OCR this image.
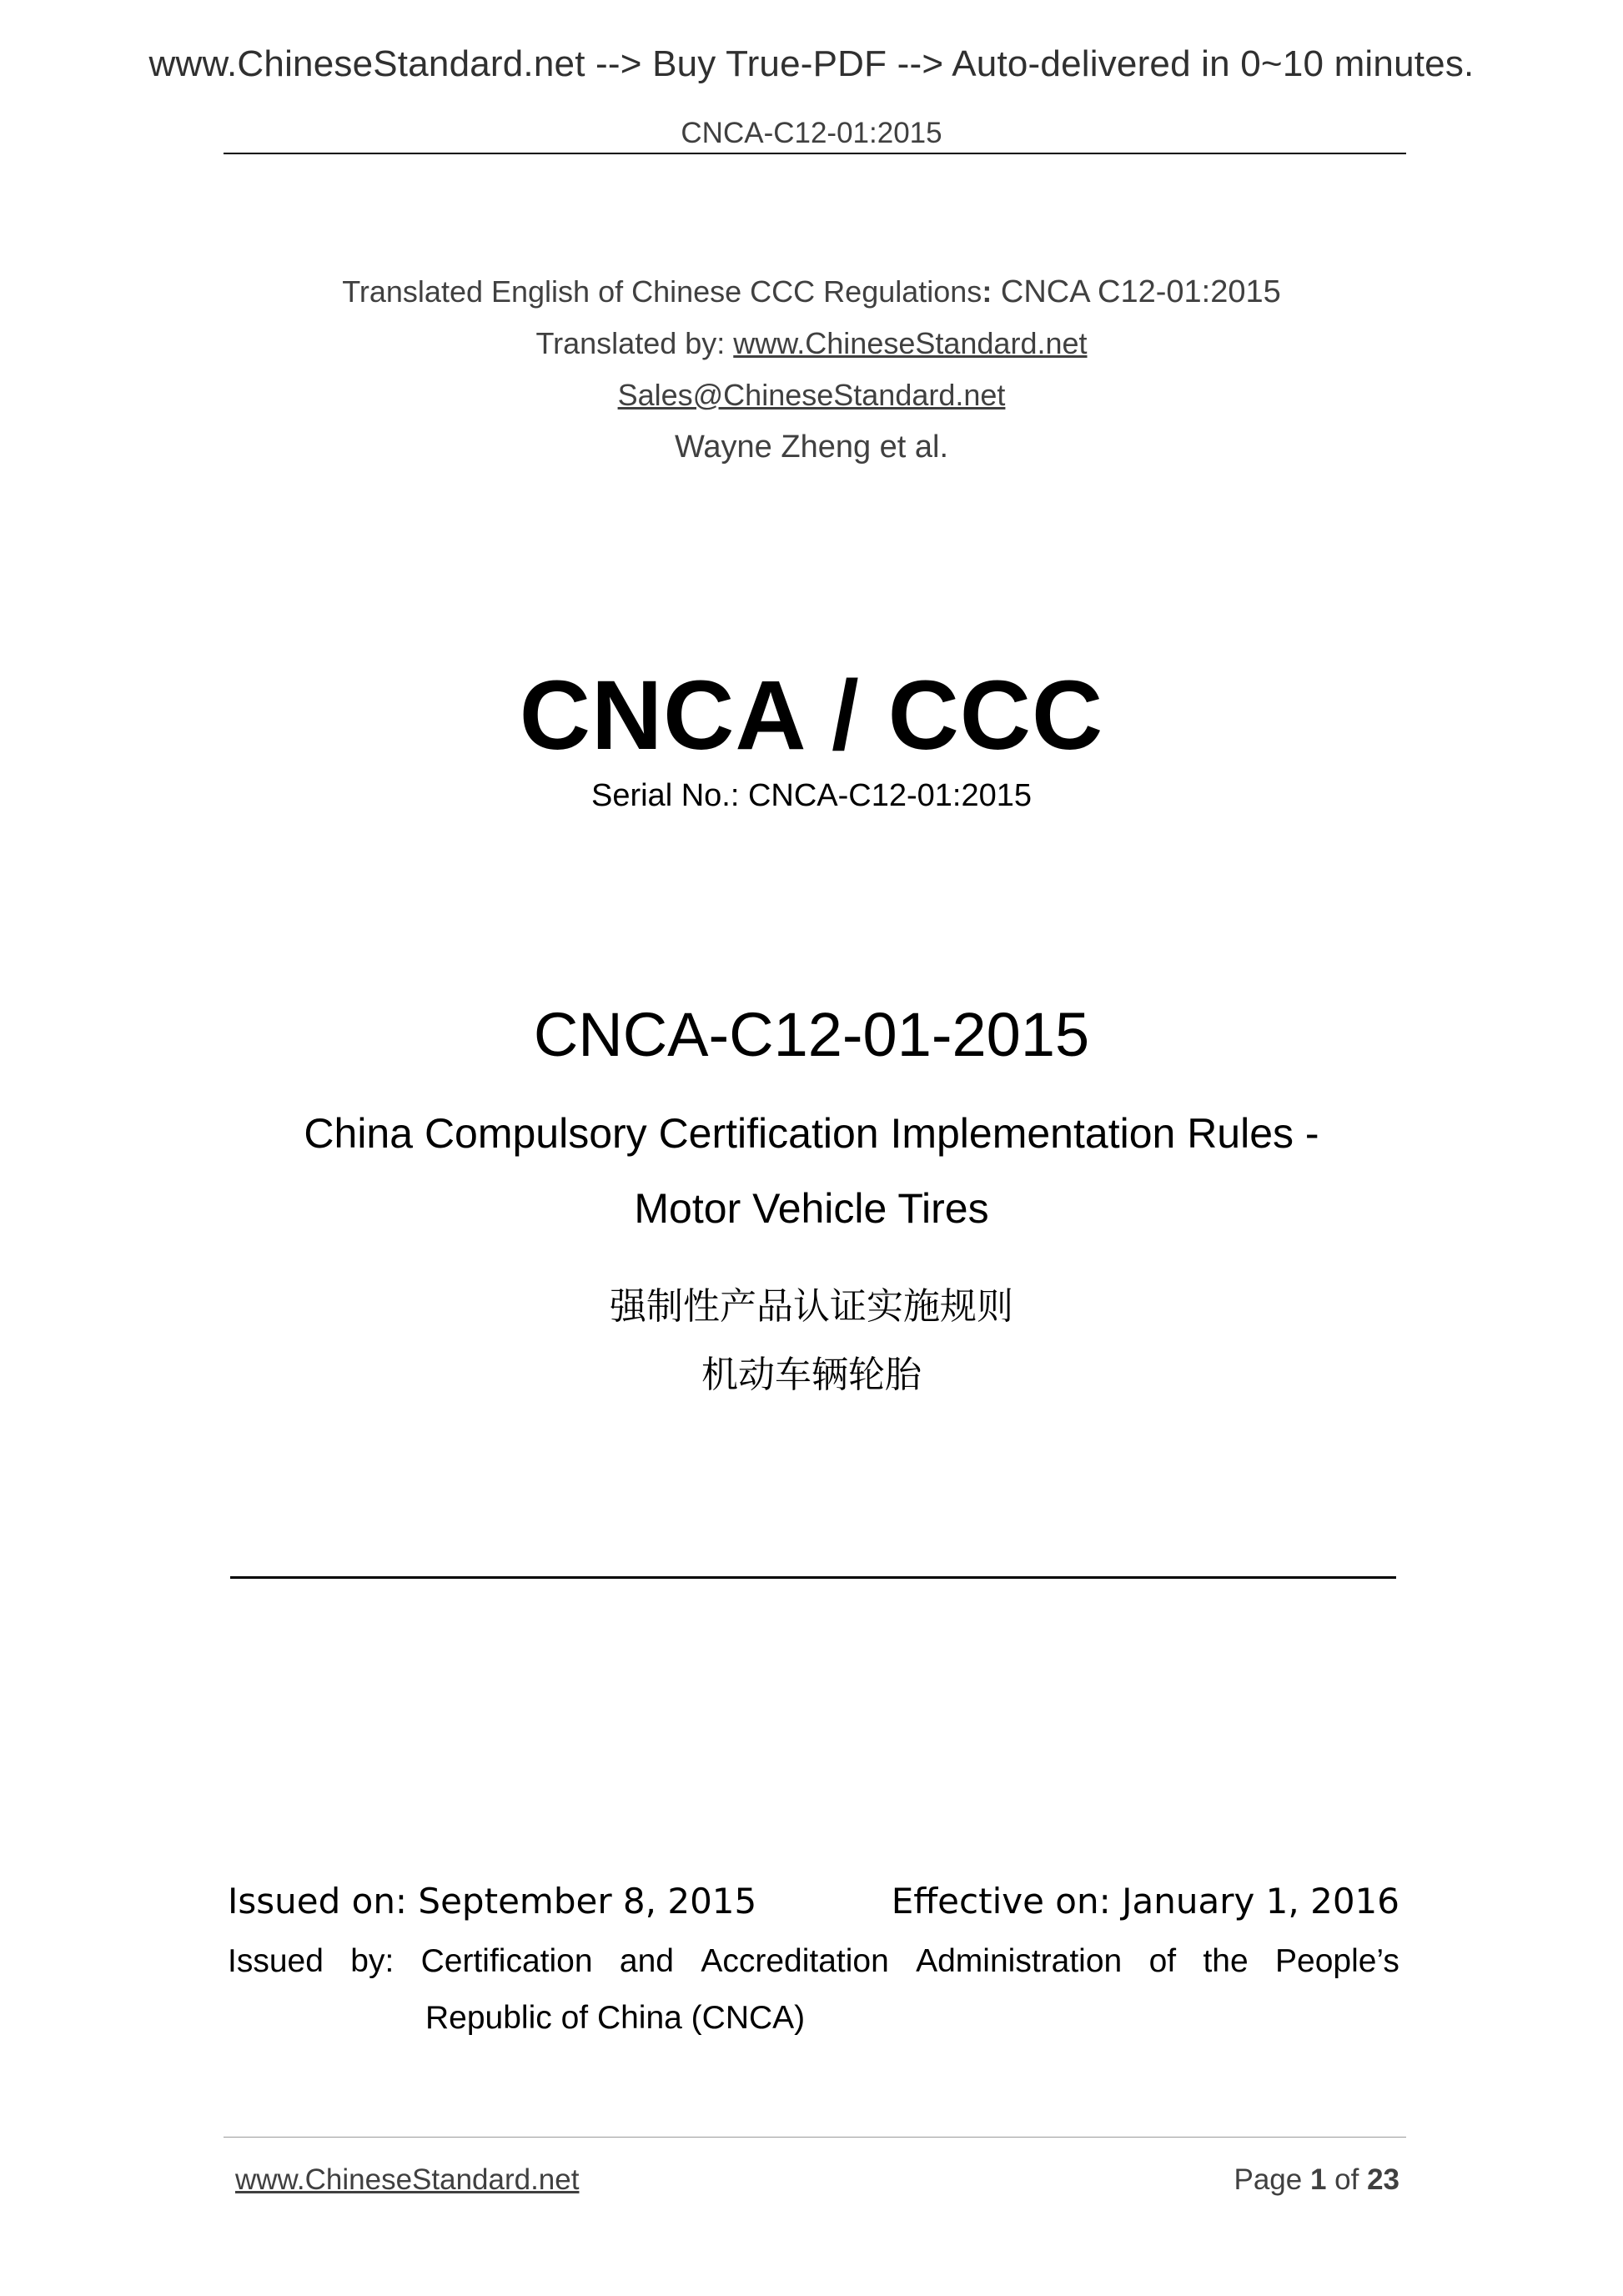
www.ChineseStandard.net --> Buy True-PDF --> Auto-delivered in 0~10 minutes.
CNCA-C12-01:2015
Translated English of Chinese CCC Regulations: CNCA C12-01:2015
Translated by: www.ChineseStandard.net
Sales@ChineseStandard.net
Wayne Zheng et al.
CNCA / CCC
Serial No.: CNCA-C12-01:2015
CNCA-C12-01-2015
China Compulsory Certification Implementation Rules -
Motor Vehicle Tires
强制性产品认证实施规则
机动车辆轮胎
Issued on: September 8, 2015	Effective on: January 1, 2016
Issued by: Certification and Accreditation Administration of the People’s
Republic of China (CNCA)
www.ChineseStandard.net	Page 1 of 23
